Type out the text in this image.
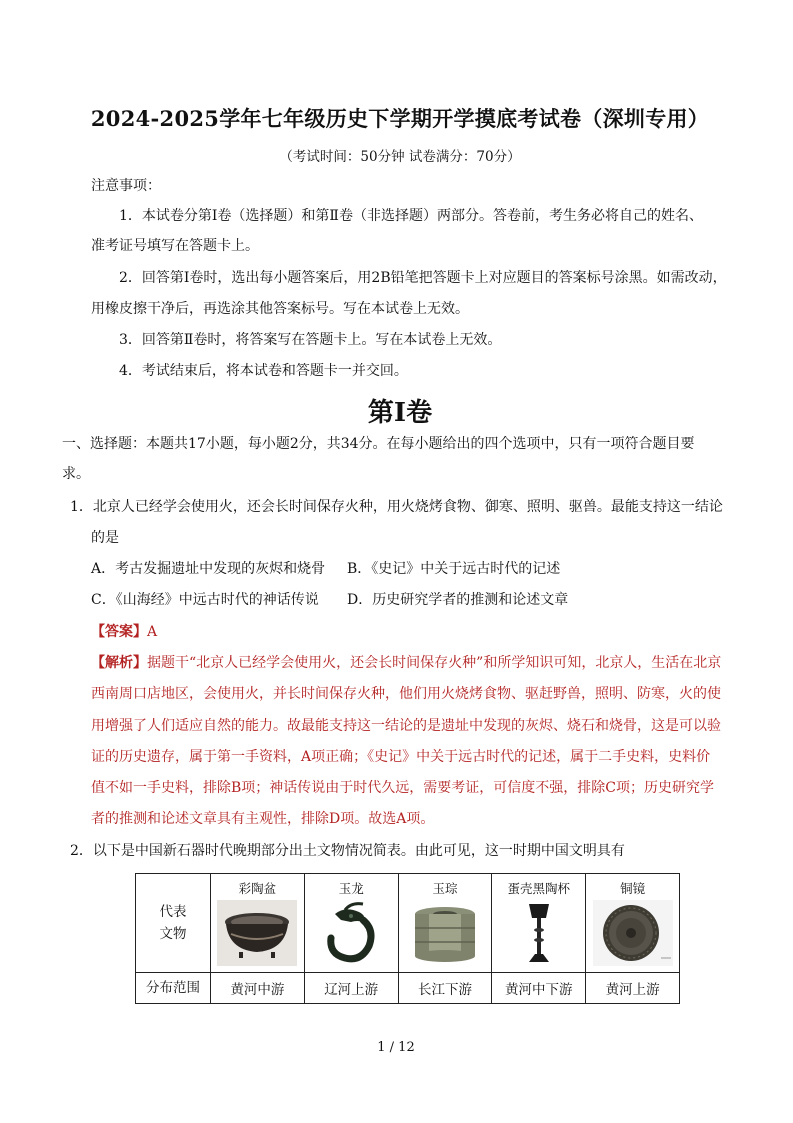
2024-2025学年七年级历史下学期开学摸底考试卷（深圳专用）
（考试时间：50分钟 试卷满分：70分）
注意事项：
1．本试卷分第Ⅰ卷（选择题）和第Ⅱ卷（非选择题）两部分。答卷前，考生务必将自己的姓名、
准考证号填写在答题卡上。
2．回答第Ⅰ卷时，选出每小题答案后，用2B铅笔把答题卡上对应题目的答案标号涂黑。如需改动，
用橡皮擦干净后，再选涂其他答案标号。写在本试卷上无效。
3．回答第Ⅱ卷时，将答案写在答题卡上。写在本试卷上无效。
4．考试结束后，将本试卷和答题卡一并交回。
第Ⅰ卷
一、选择题：本题共17小题，每小题2分，共34分。在每小题给出的四个选项中，只有一项符合题目要
求。
1．北京人已经学会使用火，还会长时间保存火种，用火烧烤食物、御寒、照明、驱兽。最能支持这一结论
的是
A．考古发掘遗址中发现的灰烬和烧骨 B．《史记》中关于远古时代的记述
C．《山海经》中远古时代的神话传说 D．历史研究学者的推测和论述文章
【答案】A
【解析】据题干“北京人已经学会使用火，还会长时间保存火种”和所学知识可知，北京人，生活在北京
西南周口店地区，会使用火，并长时间保存火种，他们用火烧烤食物、驱赶野兽，照明、防寒，火的使
用增强了人们适应自然的能力。故最能支持这一结论的是遗址中发现的灰烬、烧石和烧骨，这是可以验
证的历史遗存，属于第一手资料，A项正确；《史记》中关于远古时代的记述，属于二手史料，史料价
值不如一手史料，排除B项；神话传说由于时代久远，需要考证，可信度不强，排除C项；历史研究学
者的推测和论述文章具有主观性，排除D项。故选A项。
2．以下是中国新石器时代晚期部分出土文物情况简表。由此可见，这一时期中国文明具有
代表文物	彩陶盆	玉龙	玉琮	蛋壳黑陶杯	铜镜

分布范围	黄河中游	辽河上游	长江下游	黄河中下游	黄河上游
1 / 12
